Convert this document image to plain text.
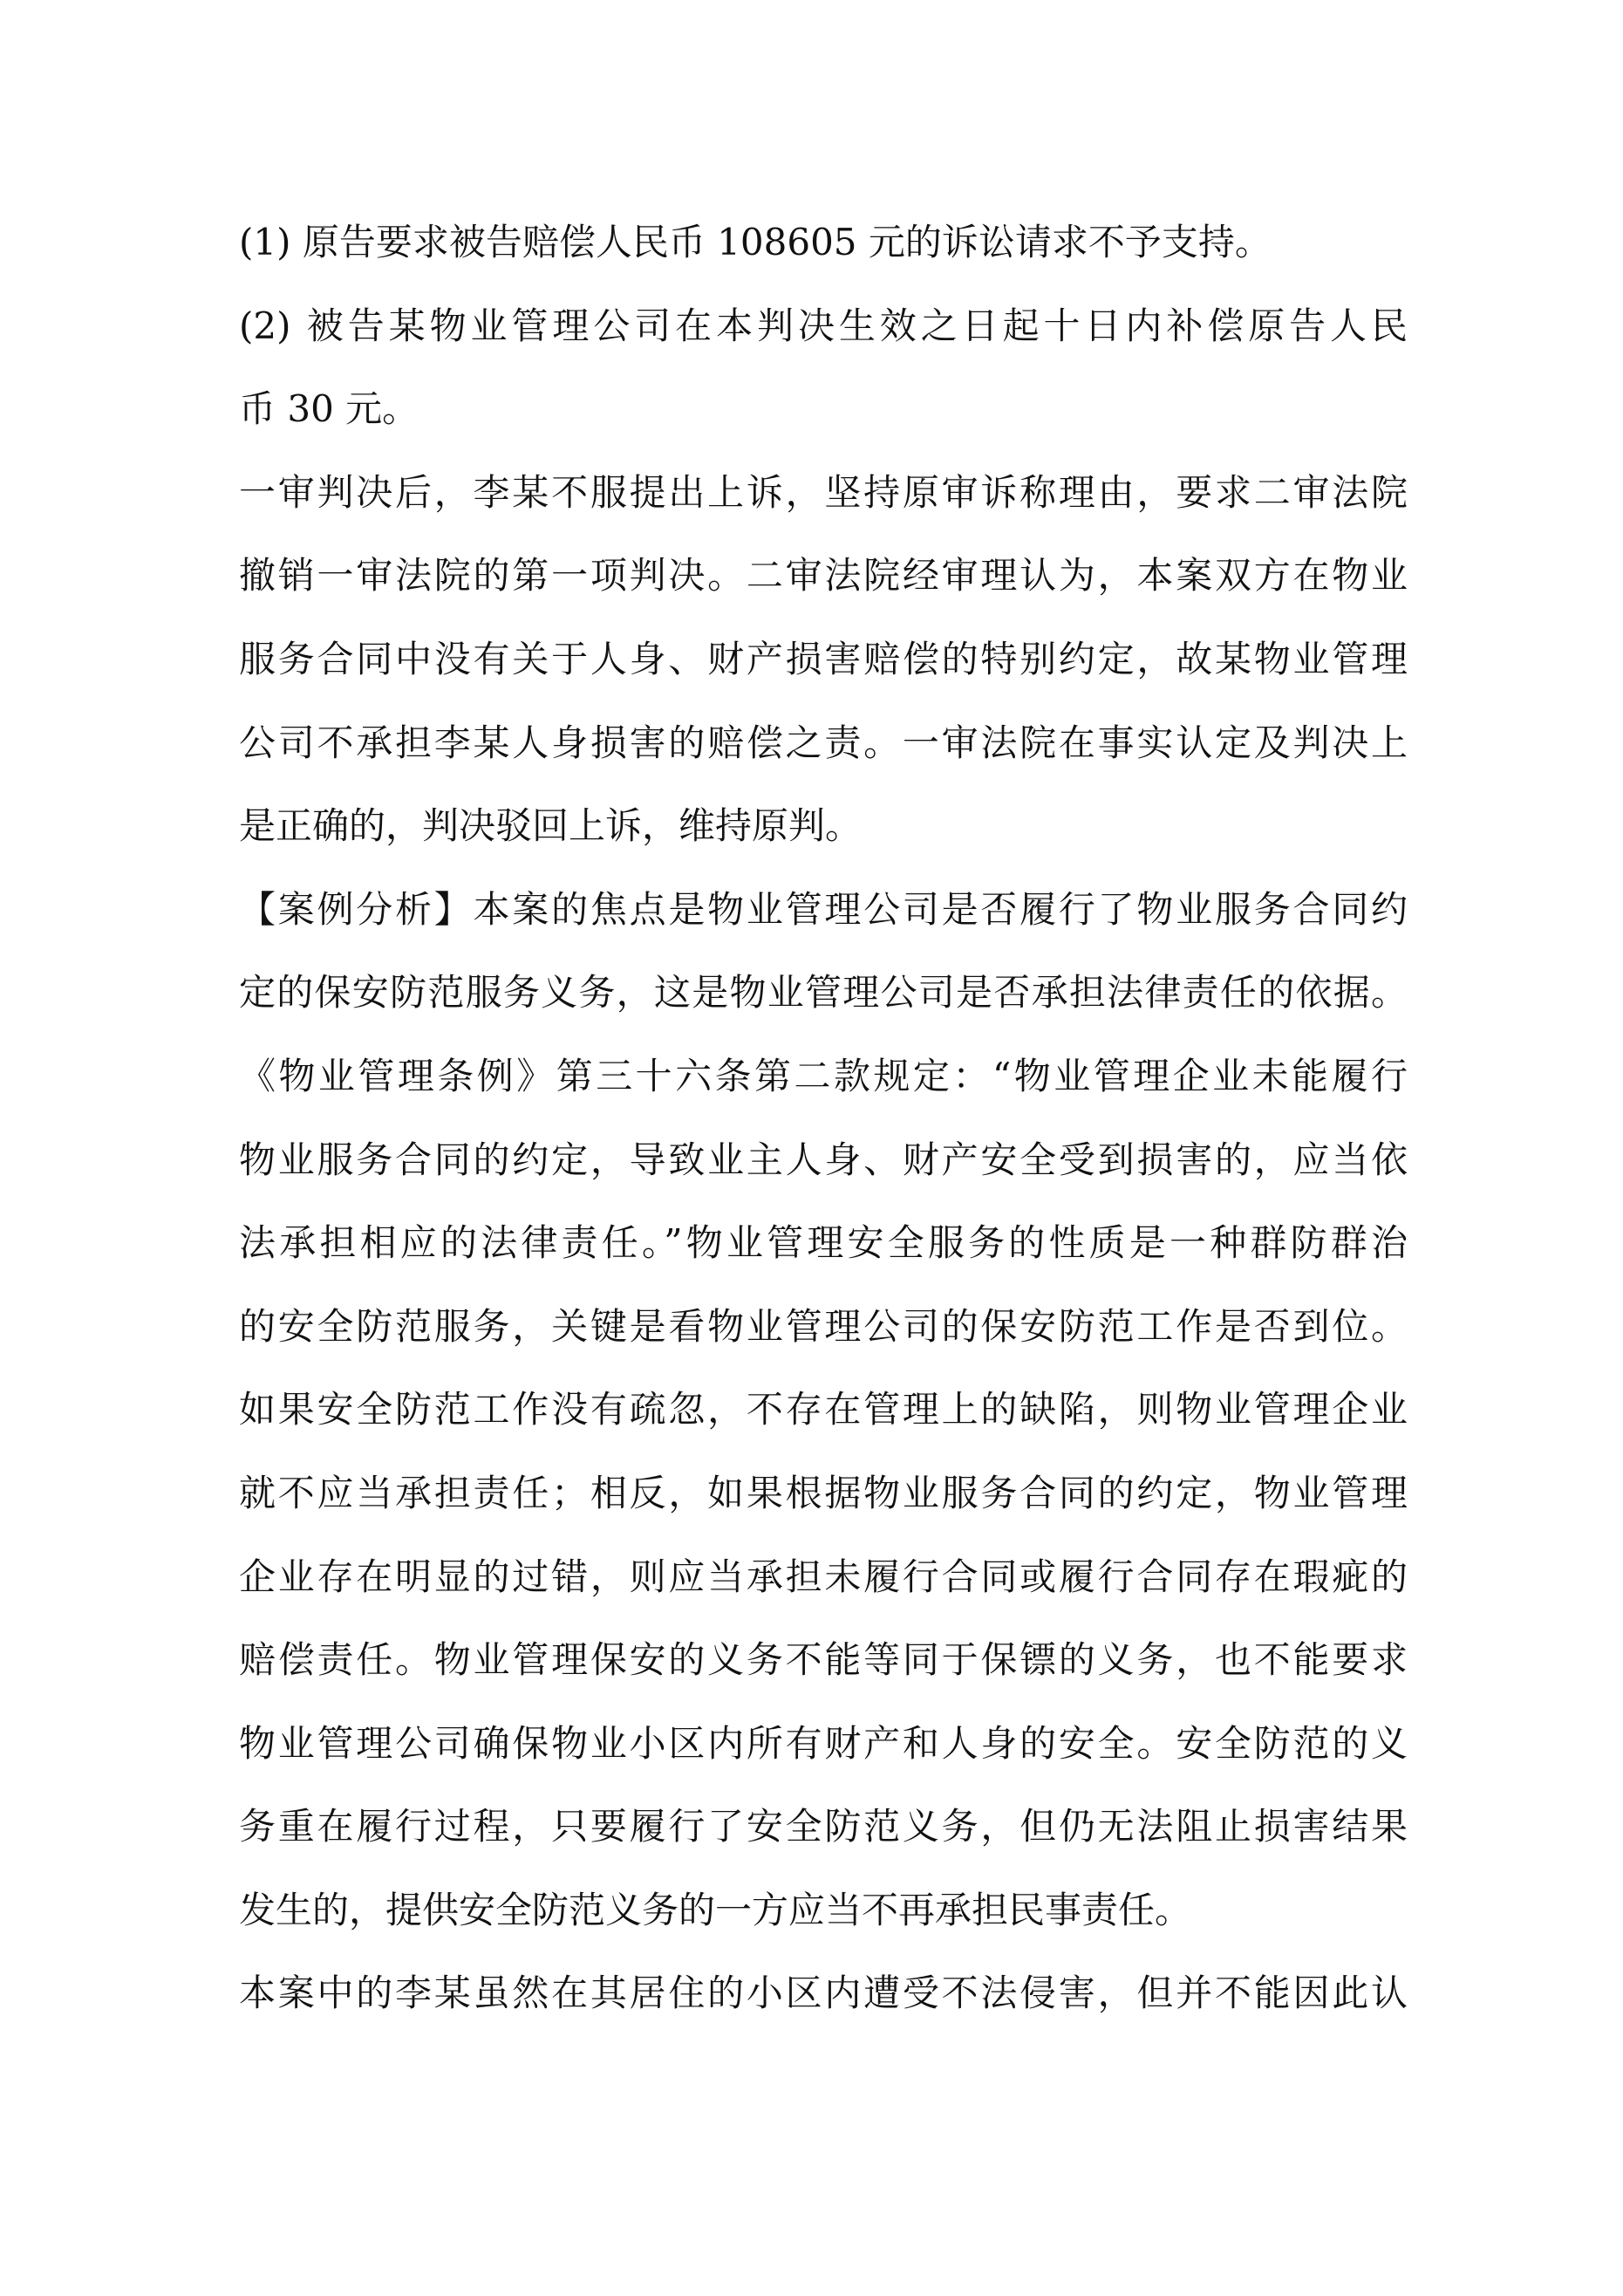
(1) 原告要求被告赔偿人民币 108605 元的诉讼请求不予支持。
(2) 被告某物业管理公司在本判决生效之日起十日内补偿原告人民
币 30 元。
一审判决后，李某不服提出上诉，坚持原审诉称理由，要求二审法院
撤销一审法院的第一项判决。二审法院经审理认为，本案双方在物业
服务合同中没有关于人身、财产损害赔偿的特别约定，故某物业管理
公司不承担李某人身损害的赔偿之责。一审法院在事实认定及判决上
是正确的，判决驳回上诉，维持原判。
【案例分析】本案的焦点是物业管理公司是否履行了物业服务合同约
定的保安防范服务义务，这是物业管理公司是否承担法律责任的依据。
《物业管理条例》第三十六条第二款规定：“物业管理企业未能履行
物业服务合同的约定，导致业主人身、财产安全受到损害的，应当依
法承担相应的法律责任。”物业管理安全服务的性质是一种群防群治
的安全防范服务，关键是看物业管理公司的保安防范工作是否到位。
如果安全防范工作没有疏忽，不存在管理上的缺陷，则物业管理企业
就不应当承担责任；相反，如果根据物业服务合同的约定，物业管理
企业存在明显的过错，则应当承担未履行合同或履行合同存在瑕疵的
赔偿责任。物业管理保安的义务不能等同于保镖的义务，也不能要求
物业管理公司确保物业小区内所有财产和人身的安全。安全防范的义
务重在履行过程，只要履行了安全防范义务，但仍无法阻止损害结果
发生的，提供安全防范义务的一方应当不再承担民事责任。
本案中的李某虽然在其居住的小区内遭受不法侵害，但并不能因此认
